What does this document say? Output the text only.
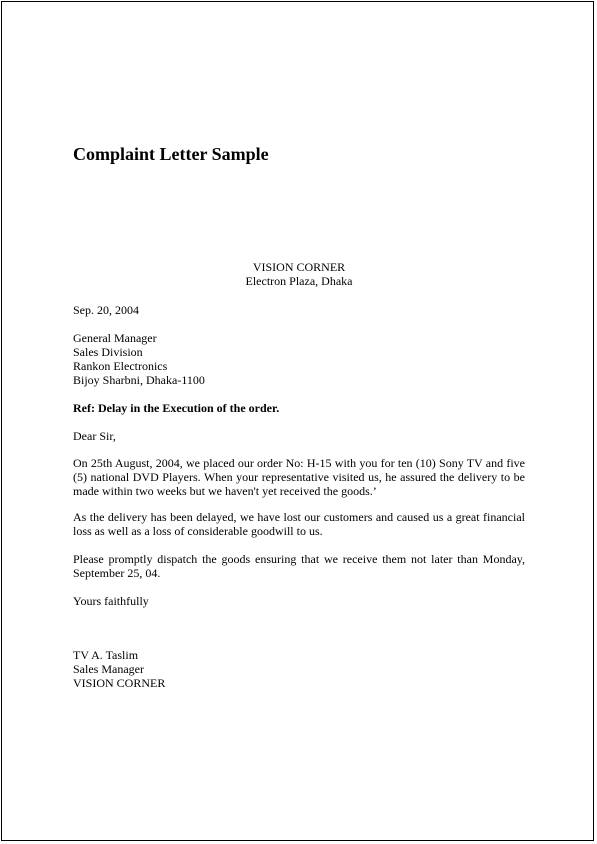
Complaint Letter Sample
VISION CORNER
Electron Plaza, Dhaka
Sep. 20, 2004
General Manager
Sales Division
Rankon Electronics
Bijoy Sharbni, Dhaka-1100
Ref: Delay in the Execution of the order.
Dear Sir,

On 25th August, 2004, we placed our order No: H-15 with you for ten (10) Sony TV and five (5) national DVD Players. When your representative visited us, he assured the delivery to be made within two weeks but we haven't yet received the goods.’

As the delivery has been delayed, we have lost our customers and caused us a great financial loss as well as a loss of considerable goodwill to us.

Please promptly dispatch the goods ensuring that we receive them not later than Monday, September 25, 04.

Yours faithfully
TV A. Taslim
Sales Manager
VISION CORNER
